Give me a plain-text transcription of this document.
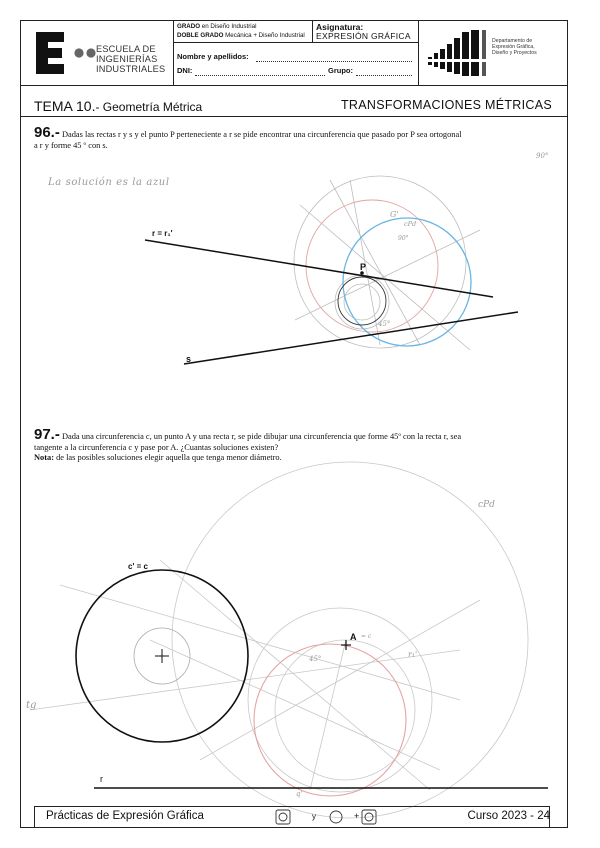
ESCUELA DE
INGENIERÍAS
INDUSTRIALES
GRADO en Diseño Industrial
DOBLE GRADO Mecánica + Diseño Industrial
Asignatura:
EXPRESIÓN GRÁFICA
Nombre y apellidos:
DNI:	Grupo:
Departamento de
Expresión Gráfica,
Diseño y Proyectos
TEMA 10.- Geometría Métrica	TRANSFORMACIONES MÉTRICAS
96.- Dadas las rectas r y s y el punto P perteneciente a r se pide encontrar una circunferencia que pasado por P sea ortogonal
a r y forme 45 º con s.
La solución es la azul
90°
r = r₁'
s
P
G'
cPd
90°
45°
97.- Dada una circunferencia c, un punto A y una recta r, se pide dibujar una circunferencia que forme 45º con la recta r, sea
tangente a la circunferencia c y pase por A. ¿Cuantas soluciones existen?
Nota: de las posibles soluciones elegir aquella que tenga menor diámetro.
c' = c
A = c
r
r₁'
cPd
45°
tg
q'
Prácticas de Expresión Gráfica	y	+	Curso 2023 - 24
